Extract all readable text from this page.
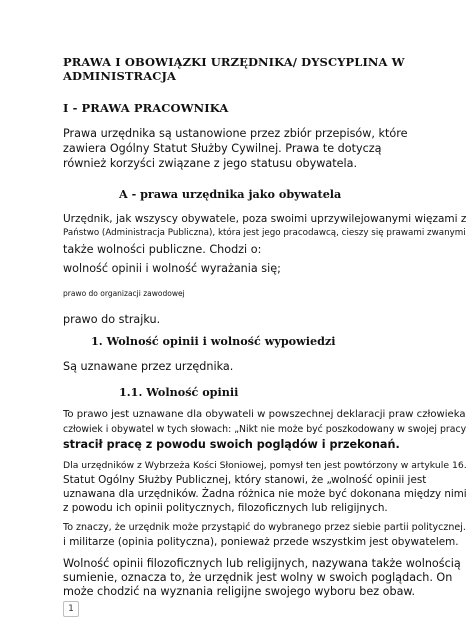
PRAWA I OBOWIĄZKI URZĘDNIKA/ DYSCYPLINA W

ADMINISTRACJA

I - PRAWA PRACOWNIKA

Prawa urzędnika są ustanowione przez zbiór przepisów, które

zawiera Ogólny Statut Służby Cywilnej. Prawa te dotyczą

również korzyści związane z jego statusu obywatela.

A - prawa urzędnika jako obywatela

Urzędnik, jak wszyscy obywatele, poza swoimi uprzywilejowanymi więzami z

Państwo (Administracja Publiczna), która jest jego pracodawcą, cieszy się prawami zwanymi

także wolności publiczne. Chodzi o:

wolność opinii i wolność wyrażania się;

prawo do organizacji zawodowej

prawo do strajku.

1. Wolność opinii i wolność wypowiedzi

Są uznawane przez urzędnika.

1.1. Wolność opinii

To prawo jest uznawane dla obywateli w powszechnej deklaracji praw człowieka

człowiek i obywatel w tych słowach: „Nikt nie może być poszkodowany w swojej pracy

stracił pracę z powodu swoich poglądów i przekonań.

Dla urzędników z Wybrzeża Kości Słoniowej, pomysł ten jest powtórzony w artykule 16.

Statut Ogólny Służby Publicznej, który stanowi, że „wolność opinii jest

uznawana dla urzędników. Żadna różnica nie może być dokonana między nimi

z powodu ich opinii politycznych, filozoficznych lub religijnych.

To znaczy, że urzędnik może przystąpić do wybranego przez siebie partii politycznej.

i militarze (opinia polityczna), ponieważ przede wszystkim jest obywatelem.

Wolność opinii filozoficznych lub religijnych, nazywana także wolnością

sumienie, oznacza to, że urzędnik jest wolny w swoich poglądach. On

może chodzić na wyznania religijne swojego wyboru bez obaw.

1
